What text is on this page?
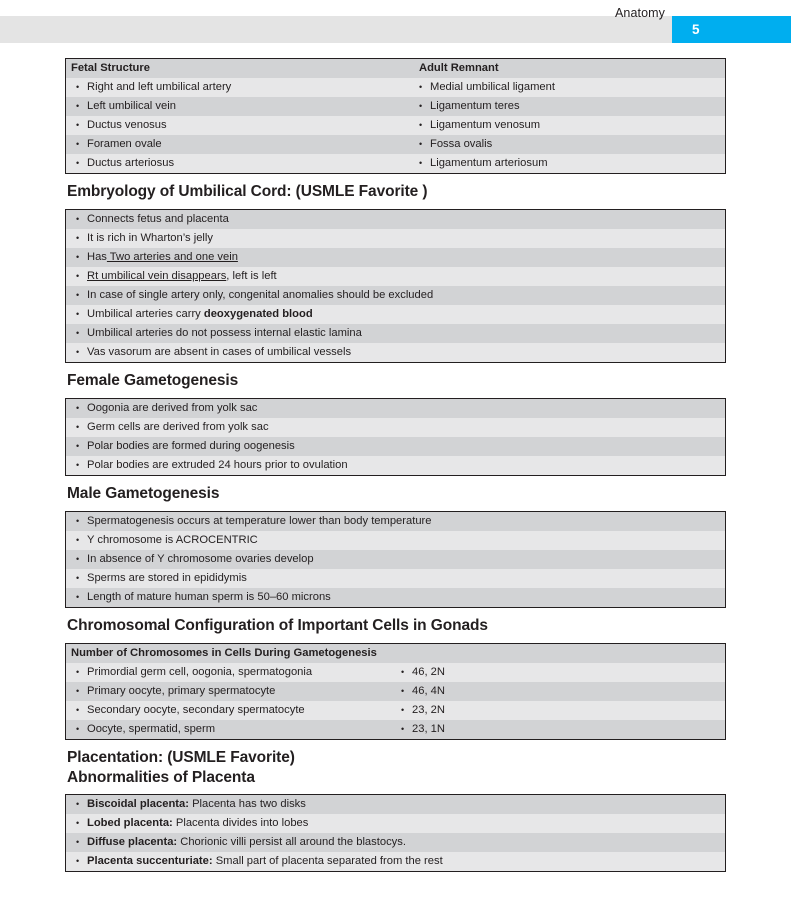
Anatomy
5
Fetal Structure	Adult Remnant
•
Right and left umbilical artery •	Medial umbilical ligament
•
Left umbilical vein •	Ligamentum teres
•
Ductus venosus •	Ligamentum venosum
•
Foramen ovale •	Fossa ovalis
•
Ductus arteriosus •	Ligamentum arteriosum
Embryology of Umbilical Cord: (USMLE Favorite )
•
Connects fetus and placenta
•
It is rich in Wharton’s jelly
•
Has Two arteries and one vein
•
Rt umbilical vein disappears, left is left
•
In case of single artery only, congenital anomalies should be excluded
•
Umbilical arteries carry deoxygenated blood
•
Umbilical arteries do not possess internal elastic lamina
•
Vas vasorum are absent in cases of umbilical vessels
Female Gametogenesis
•
Oogonia are derived from yolk sac
•
Germ cells are derived from yolk sac
•
Polar bodies are formed during oogenesis
•
Polar bodies are extruded 24 hours prior to ovulation
Male Gametogenesis
•
Spermatogenesis occurs at temperature lower than body temperature
•
Y chromosome is ACROCENTRIC
•
In absence of Y chromosome ovaries develop
•
Sperms are stored in epididymis
•
Length of mature human sperm is 50–60 microns
Chromosomal Configuration of Important Cells in Gonads
Number of Chromosomes in Cells During Gametogenesis
•
Primordial germ cell, oogonia, spermatogonia •	46, 2N
•
Primary oocyte, primary spermatocyte •	46, 4N
•
Secondary oocyte, secondary spermatocyte •	23, 2N
•
Oocyte, spermatid, sperm •	23, 1N
Placentation: (USMLE Favorite)
Abnormalities of Placenta
•
Biscoidal placenta: Placenta has two disks
•
Lobed placenta: Placenta divides into lobes
•
Diffuse placenta: Chorionic villi persist all around the blastocys.
•
Placenta succenturiate: Small part of placenta separated from the rest
